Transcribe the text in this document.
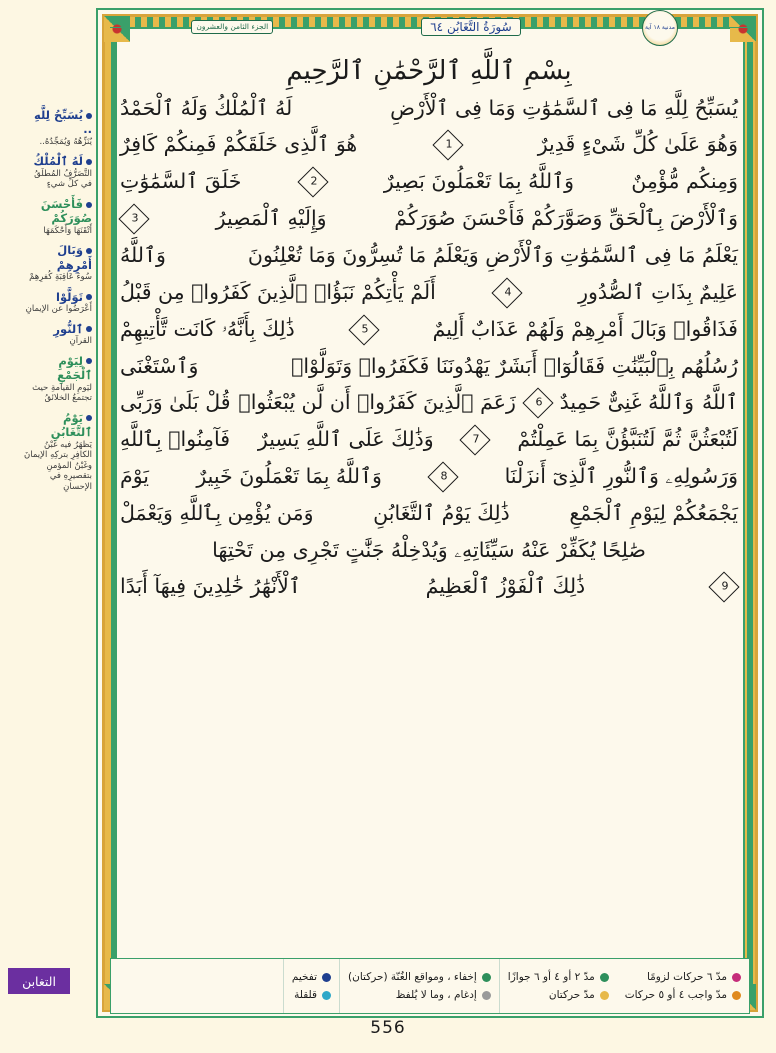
الجزء الثامن والعشرون	سُورَةُ التَّغَابُن ٦٤	مدنية ١٨ آية
يُسَبِّحُ لِلَّهِ ..
يُنَزِّهُهُ وَيُمَجِّدُهُ..
لَهُ ٱلْمُلْكُ
التَّصَرُّفُ المُطلَقُ في كلِّ شيءٍ
فَأَحْسَنَ صُوَرَكُمْ
أَتْقَنَهَا وَأَحْكَمَهَا
وَبَالَ أَمْرِهِمْ
سُوءَ عَاقِبَةِ كُفرِهِمْ
تَوَلَّوْا
أَعْرَضُوا عن الإيمانِ
ٱلنُّورِ
القرآنِ
لِيَوْمِ ٱلْجَمْعِ
ليَومِ القيامةِ حيث تجتمعُ الخلائقُ
يَوْمُ ٱلتَّغَابُنِ
يَظهَرُ فيه غَبْنُ الكافِرِ بتركِهِ الإيمانَ وغَبْنُ المؤمنِ بتقصيرِهِ في الإحسانِ
بِسْمِ ٱللَّهِ ٱلرَّحْمَٰنِ ٱلرَّحِيمِ
يُسَبِّحُ لِلَّهِ مَا فِى ٱلسَّمَٰوَٰتِ وَمَا فِى ٱلْأَرْضِ
لَهُ ٱلْمُلْكُ وَلَهُ ٱلْحَمْدُ
وَهُوَ عَلَىٰ كُلِّ شَىْءٍ قَدِيرٌ
1
هُوَ ٱلَّذِى خَلَقَكُمْ فَمِنكُمْ كَافِرٌ
وَمِنكُم مُّؤْمِنٌ
وَٱللَّهُ بِمَا تَعْمَلُونَ بَصِيرٌ
2
خَلَقَ ٱلسَّمَٰوَٰتِ
وَٱلْأَرْضَ بِٱلْحَقِّ وَصَوَّرَكُمْ فَأَحْسَنَ صُوَرَكُمْ
وَإِلَيْهِ ٱلْمَصِيرُ
3
يَعْلَمُ مَا فِى ٱلسَّمَٰوَٰتِ وَٱلْأَرْضِ وَيَعْلَمُ مَا تُسِرُّونَ وَمَا تُعْلِنُونَ
وَٱللَّهُ
عَلِيمٌ بِذَاتِ ٱلصُّدُورِ
4
أَلَمْ يَأْتِكُمْ نَبَؤُا۟ ٱلَّذِينَ كَفَرُوا۟ مِن قَبْلُ
فَذَاقُوا۟ وَبَالَ أَمْرِهِمْ وَلَهُمْ عَذَابٌ أَلِيمٌ
5
ذَٰلِكَ بِأَنَّهُۥ كَانَت تَّأْتِيهِمْ
رُسُلُهُم بِٱلْبَيِّنَٰتِ فَقَالُوٓا۟ أَبَشَرٌ يَهْدُونَنَا فَكَفَرُوا۟ وَتَوَلَّوْا۟
وَٱسْتَغْنَى
ٱللَّهُ
وَٱللَّهُ غَنِىٌّ حَمِيدٌ
6
زَعَمَ ٱلَّذِينَ كَفَرُوا۟ أَن لَّن يُبْعَثُوا۟
قُلْ بَلَىٰ وَرَبِّى
لَتُبْعَثُنَّ ثُمَّ لَتُنَبَّؤُنَّ بِمَا عَمِلْتُمْ
7
وَذَٰلِكَ عَلَى ٱللَّهِ يَسِيرٌ
فَآمِنُوا۟ بِٱللَّهِ
وَرَسُولِهِۦ وَٱلنُّورِ ٱلَّذِىٓ أَنزَلْنَا
8
وَٱللَّهُ بِمَا تَعْمَلُونَ خَبِيرٌ
يَوْمَ
يَجْمَعُكُمْ لِيَوْمِ ٱلْجَمْعِ
ذَٰلِكَ يَوْمُ ٱلتَّغَابُنِ
وَمَن يُؤْمِن بِٱللَّهِ وَيَعْمَلْ
صَٰلِحًا يُكَفِّرْ عَنْهُ سَيِّئَاتِهِۦ وَيُدْخِلْهُ جَنَّٰتٍ تَجْرِى مِن تَحْتِهَا
9
ذَٰلِكَ ٱلْفَوْزُ ٱلْعَظِيمُ
ٱلْأَنْهَٰرُ خَٰلِدِينَ فِيهَآ أَبَدًا
مدّ ٦ حركات لزومًا
مدّ واجب ٤ أو ٥ حركات
مدّ ٢ أو ٤ أو ٦ جوازًا
مدّ حركتان
إخفاء ، ومواقع الغُنّة (حركتان)
إدغام ، وما لا يُلفظ
تفخيم
قلقلة
التغابن
556
